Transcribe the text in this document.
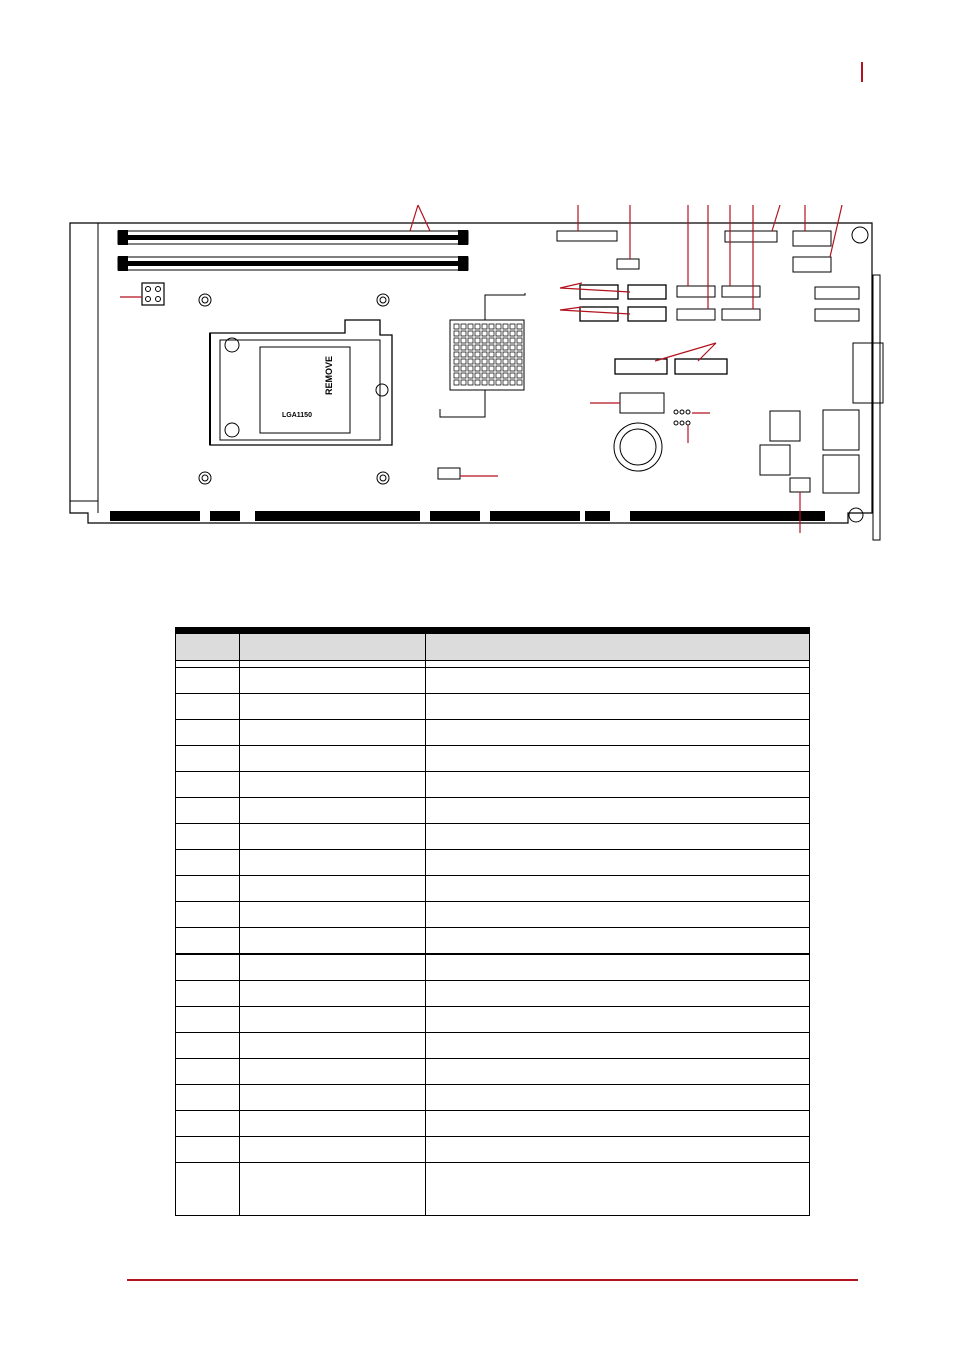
LGA1150
REMOVE
